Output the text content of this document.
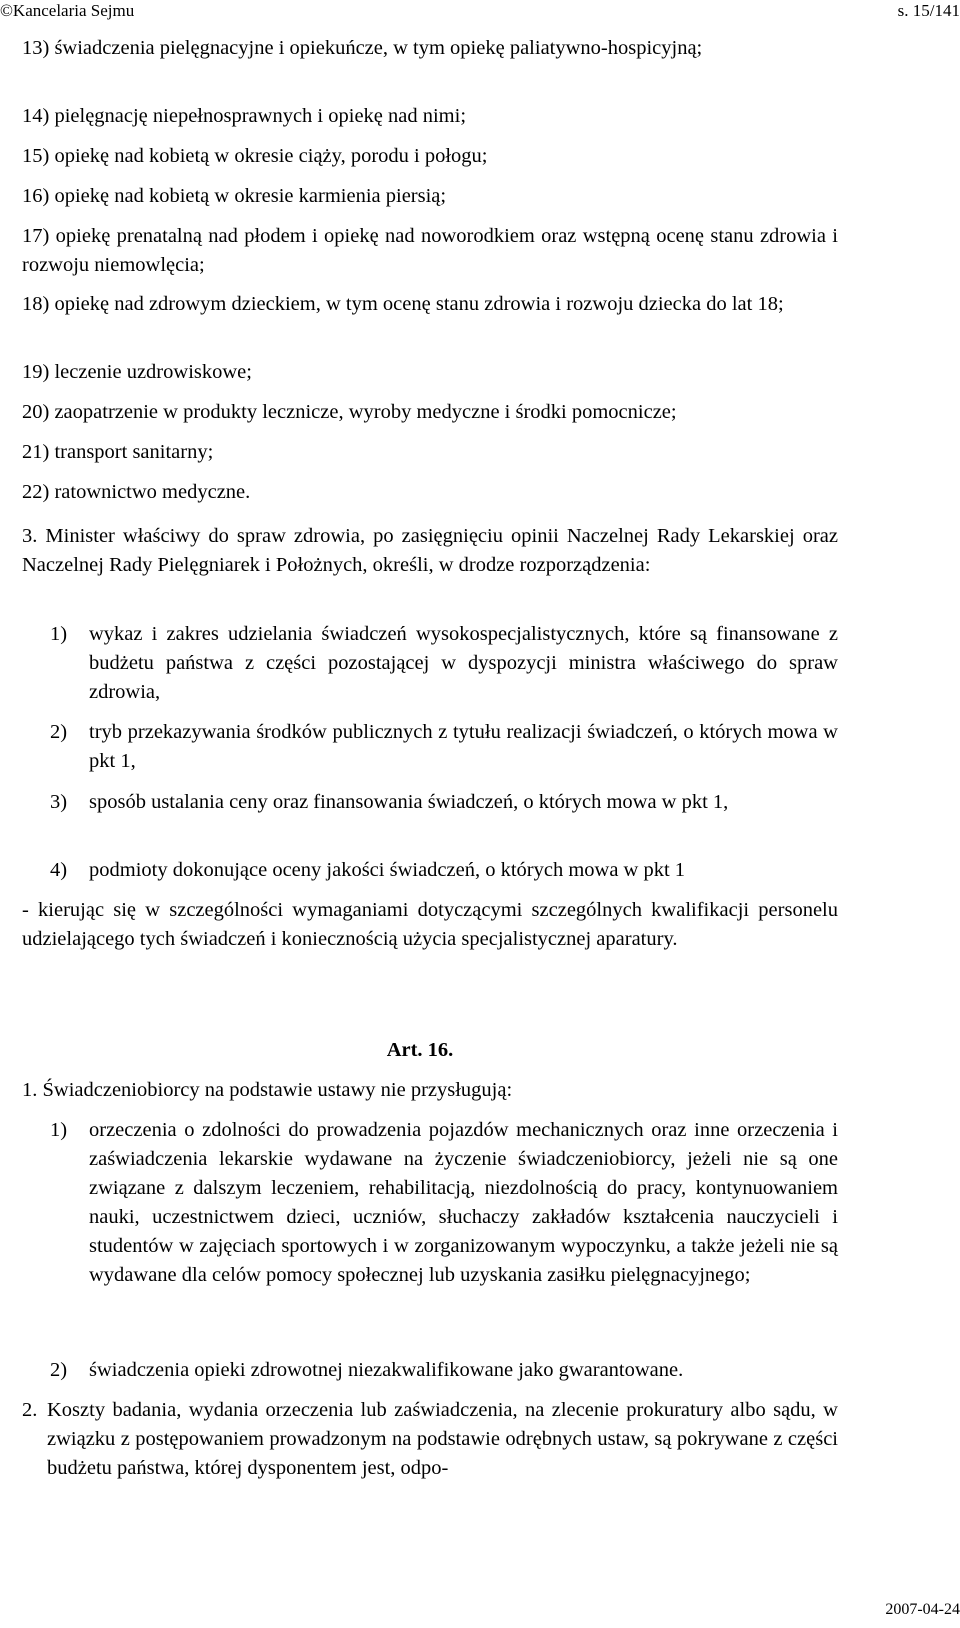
©Kancelaria Sejmu	s. 15/141
13) świadczenia pielęgnacyjne i opiekuńcze, w tym opiekę paliatywno-hospicyjną;
14) pielęgnację niepełnosprawnych i opiekę nad nimi;
15) opiekę nad kobietą w okresie ciąży, porodu i połogu;
16) opiekę nad kobietą w okresie karmienia piersią;
17) opiekę prenatalną nad płodem i opiekę nad noworodkiem oraz wstępną ocenę stanu zdrowia i rozwoju niemowlęcia;
18) opiekę nad zdrowym dzieckiem, w tym ocenę stanu zdrowia i rozwoju dziecka do lat 18;
19) leczenie uzdrowiskowe;
20) zaopatrzenie w produkty lecznicze, wyroby medyczne i środki pomocnicze;
21) transport sanitarny;
22) ratownictwo medyczne.
3. Minister właściwy do spraw zdrowia, po zasięgnięciu opinii Naczelnej Rady Lekarskiej oraz Naczelnej Rady Pielęgniarek i Położnych, określi, w drodze rozporządzenia:
1) wykaz i zakres udzielania świadczeń wysokospecjalistycznych, które są finansowane z budżetu państwa z części pozostającej w dyspozycji ministra właściwego do spraw zdrowia,
2) tryb przekazywania środków publicznych z tytułu realizacji świadczeń, o których mowa w pkt 1,
3) sposób ustalania ceny oraz finansowania świadczeń, o których mowa w pkt 1,
4) podmioty dokonujące oceny jakości świadczeń, o których mowa w pkt 1
- kierując się w szczególności wymaganiami dotyczącymi szczególnych kwalifikacji personelu udzielającego tych świadczeń i koniecznością użycia specjalistycznej aparatury.
Art. 16.
1. Świadczeniobiorcy na podstawie ustawy nie przysługują:
1) orzeczenia o zdolności do prowadzenia pojazdów mechanicznych oraz inne orzeczenia i zaświadczenia lekarskie wydawane na życzenie świadczeniobiorcy, jeżeli nie są one związane z dalszym leczeniem, rehabilitacją, niezdolnością do pracy, kontynuowaniem nauki, uczestnictwem dzieci, uczniów, słuchaczy zakładów kształcenia nauczycieli i studentów w zajęciach sportowych i w zorganizowanym wypoczynku, a także jeżeli nie są wydawane dla celów pomocy społecznej lub uzyskania zasiłku pielęgnacyjnego;
2) świadczenia opieki zdrowotnej niezakwalifikowane jako gwarantowane.
2. Koszty badania, wydania orzeczenia lub zaświadczenia, na zlecenie prokuratury albo sądu, w związku z postępowaniem prowadzonym na podstawie odrębnych ustaw, są pokrywane z części budżetu państwa, której dysponentem jest, odpo-
2007-04-24
